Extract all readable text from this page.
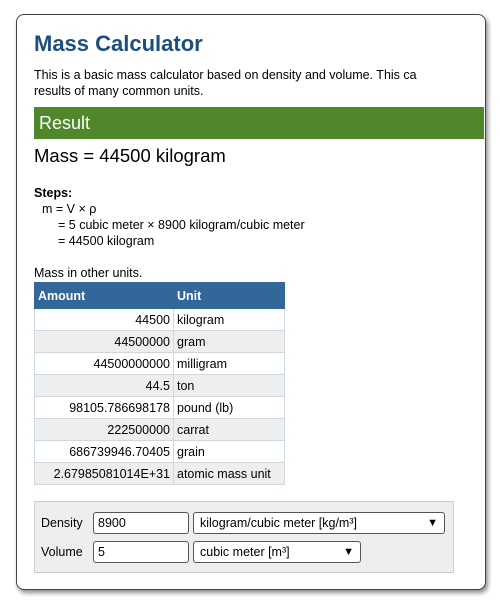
Mass Calculator
This is a basic mass calculator based on density and volume. This ca
results of many common units.
Result
Mass = 44500 kilogram
Steps:
m = V × ρ
= 5 cubic meter × 8900 kilogram/cubic meter
= 44500 kilogram
Mass in other units.
Amount	Unit
44500	kilogram
44500000	gram
44500000000	milligram
44.5	ton
98105.786698178	pound (lb)
222500000	carrat
686739946.70405	grain
2.67985081014E+31	atomic mass unit
Density
8900	kilogram/cubic meter [kg/m³]	▼
Volume
5	cubic meter [m³]	▼
